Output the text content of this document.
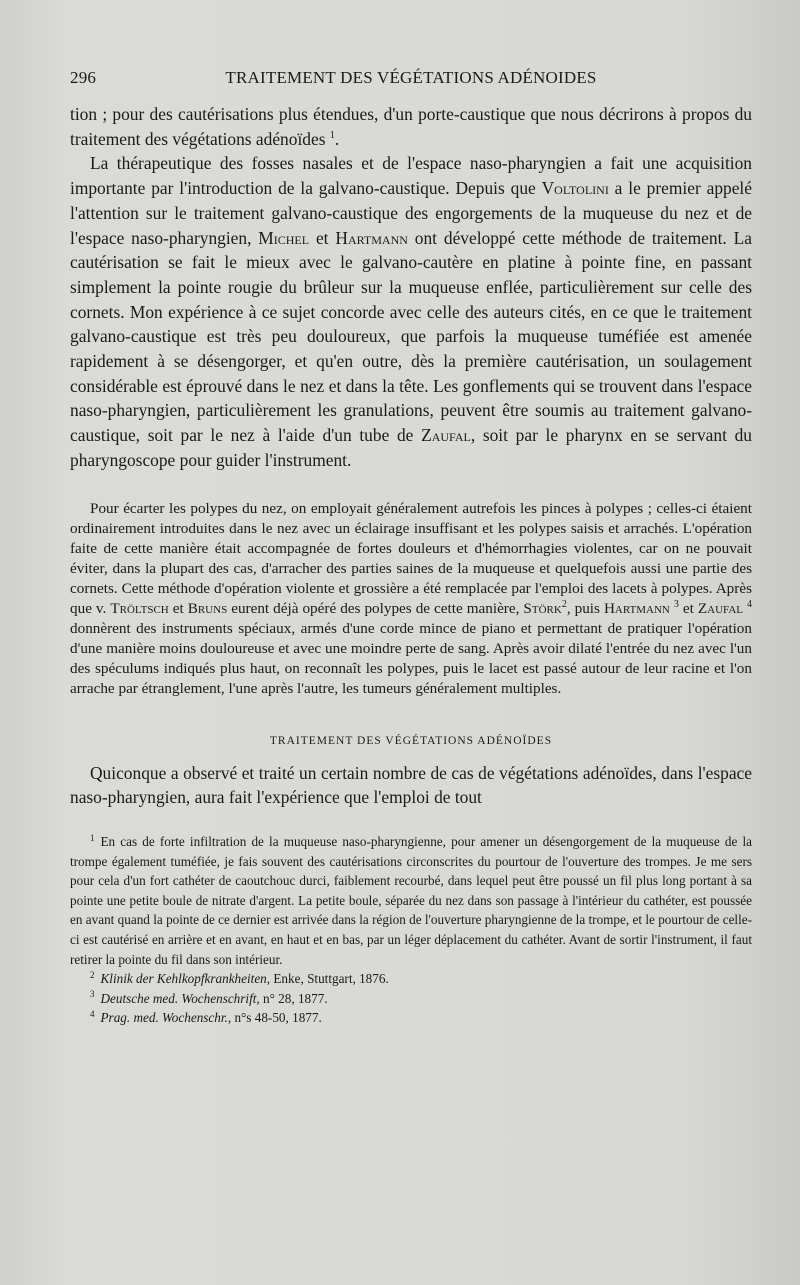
296	TRAITEMENT DES VÉGÉTATIONS ADÉNOIDES

tion ; pour des cautérisations plus étendues, d'un porte-caustique que nous décrirons à propos du traitement des végétations adénoïdes $^1$.

La thérapeutique des fosses nasales et de l'espace naso-pharyngien a fait une acquisition importante par l'introduction de la galvano-caustique. Depuis que Voltolini a le premier appelé l'attention sur le traitement galvano-caustique des engorgements de la muqueuse du nez et de l'espace naso-pharyngien, Michel et Hartmann ont développé cette méthode de traitement. La cautérisation se fait le mieux avec le galvano-cautère en platine à pointe fine, en passant simplement la pointe rougie du brûleur sur la muqueuse enflée, particulièrement sur celle des cornets. Mon expérience à ce sujet concorde avec celle des auteurs cités, en ce que le traitement galvano-caustique est très peu douloureux, que parfois la muqueuse tuméfiée est amenée rapidement à se désengorger, et qu'en outre, dès la première cautérisation, un soulagement considérable est éprouvé dans le nez et dans la tête. Les gonflements qui se trouvent dans l'espace naso-pharyngien, particulièrement les granulations, peuvent être soumis au traitement galvano-caustique, soit par le nez à l'aide d'un tube de Zaufal, soit par le pharynx en se servant du pharyngoscope pour guider l'instrument.

Pour écarter les polypes du nez, on employait généralement autrefois les pinces à polypes ; celles-ci étaient ordinairement introduites dans le nez avec un éclairage insuffisant et les polypes saisis et arrachés. L'opération faite de cette manière était accompagnée de fortes douleurs et d'hémorrhagies violentes, car on ne pouvait éviter, dans la plupart des cas, d'arracher des parties saines de la muqueuse et quelquefois aussi une partie des cornets. Cette méthode d'opération violente et grossière a été remplacée par l'emploi des lacets à polypes. Après que v. Tröltsch et Bruns eurent déjà opéré des polypes de cette manière, Störk$^2$, puis Hartmann $^3$ et Zaufal $^4$ donnèrent des instruments spéciaux, armés d'une corde mince de piano et permettant de pratiquer l'opération d'une manière moins douloureuse et avec une moindre perte de sang. Après avoir dilaté l'entrée du nez avec l'un des spéculums indiqués plus haut, on reconnaît les polypes, puis le lacet est passé autour de leur racine et l'on arrache par étranglement, l'une après l'autre, les tumeurs généralement multiples.

TRAITEMENT DES VÉGÉTATIONS ADÉNOÏDES

Quiconque a observé et traité un certain nombre de cas de végétations adénoïdes, dans l'espace naso-pharyngien, aura fait l'expérience que l'emploi de tout

$^1$ En cas de forte infiltration de la muqueuse naso-pharyngienne, pour amener un désengorgement de la muqueuse de la trompe également tuméfiée, je fais souvent des cautérisations circonscrites du pourtour de l'ouverture des trompes. Je me sers pour cela d'un fort cathéter de caoutchouc durci, faiblement recourbé, dans lequel peut être poussé un fil plus long portant à sa pointe une petite boule de nitrate d'argent. La petite boule, séparée du nez dans son passage à l'intérieur du cathéter, est poussée en avant quand la pointe de ce dernier est arrivée dans la région de l'ouverture pharyngienne de la trompe, et le pourtour de celle-ci est cautérisé en arrière et en avant, en haut et en bas, par un léger déplacement du cathéter. Avant de sortir l'instrument, il faut retirer la pointe du fil dans son intérieur.

$^2$ Klinik der Kehlkopfkrankheiten, Enke, Stuttgart, 1876.

$^3$ Deutsche med. Wochenschrift, n° 28, 1877.

$^4$ Prag. med. Wochenschr., n°s 48-50, 1877.
